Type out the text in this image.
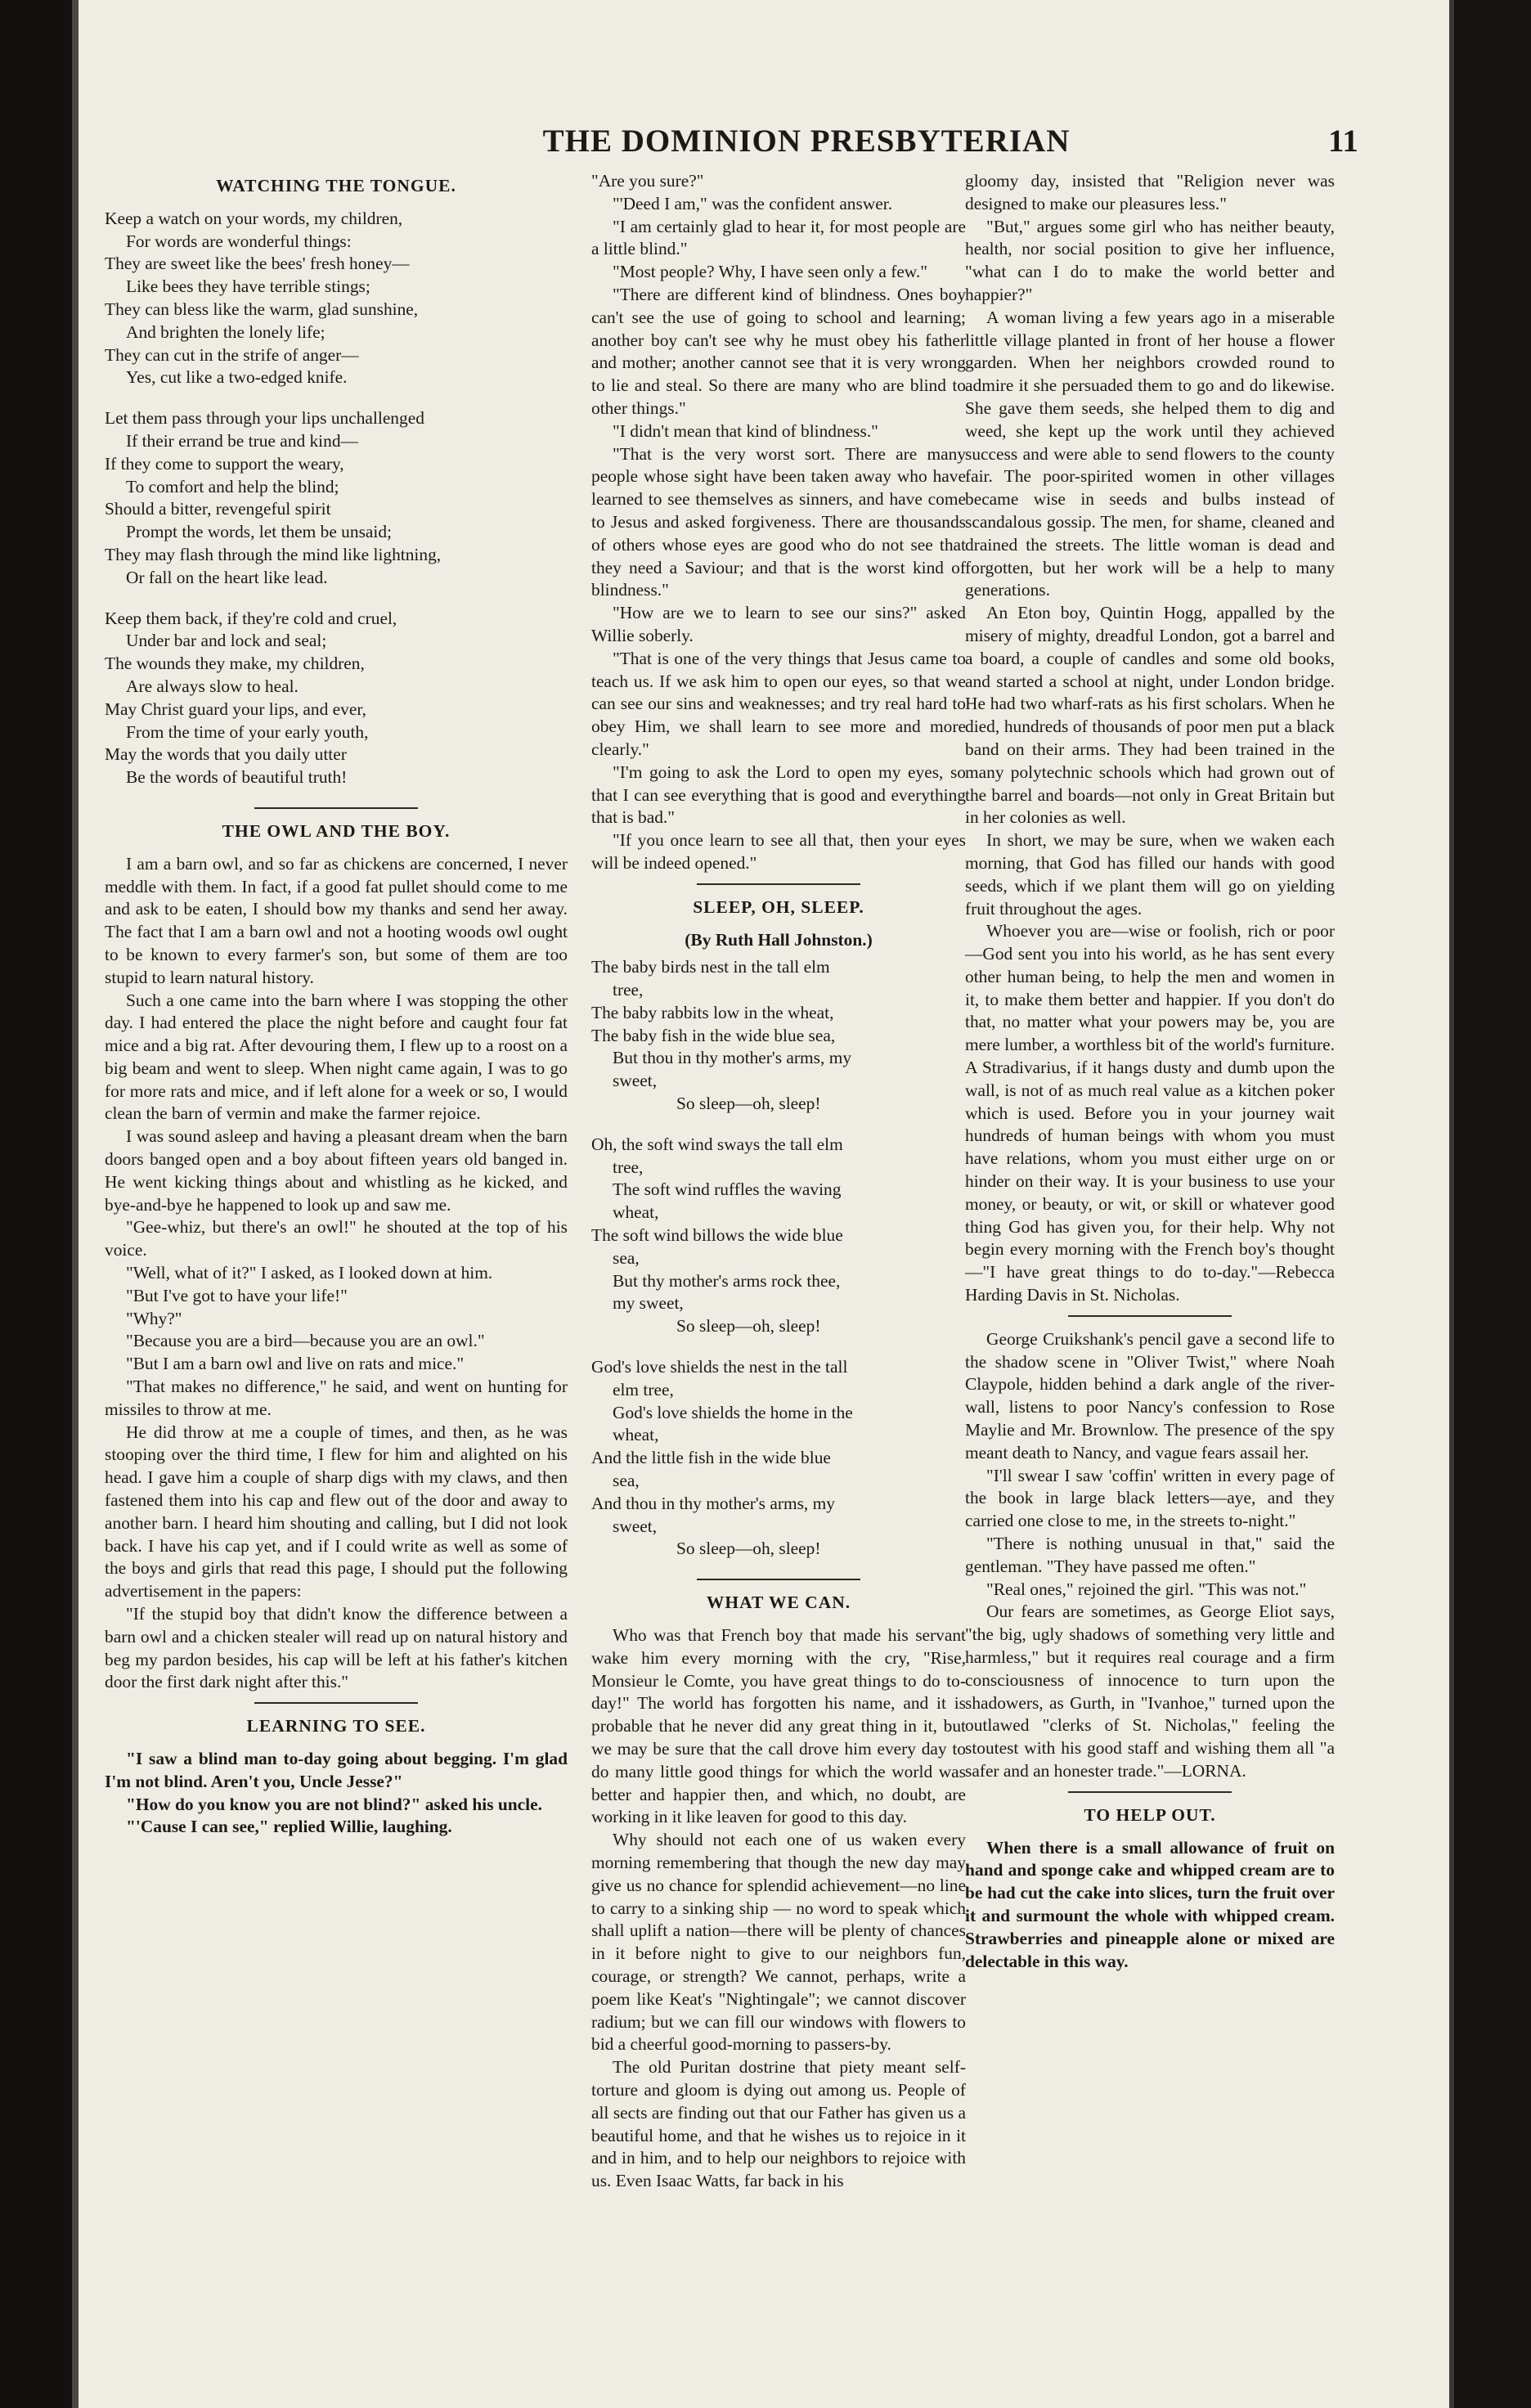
THE DOMINION PRESBYTERIAN	11
WATCHING THE TONGUE.

Keep a watch on your words, my children,

For words are wonderful things:

They are sweet like the bees' fresh honey—

Like bees they have terrible stings;

They can bless like the warm, glad sunshine,

And brighten the lonely life;

They can cut in the strife of anger—

Yes, cut like a two-edged knife.

Let them pass through your lips unchallenged

If their errand be true and kind—

If they come to support the weary,

To comfort and help the blind;

Should a bitter, revengeful spirit

Prompt the words, let them be unsaid;

They may flash through the mind like lightning,

Or fall on the heart like lead.

Keep them back, if they're cold and cruel,

Under bar and lock and seal;

The wounds they make, my children,

Are always slow to heal.

May Christ guard your lips, and ever,

From the time of your early youth,

May the words that you daily utter

Be the words of beautiful truth!

THE OWL AND THE BOY.

I am a barn owl, and so far as chickens are concerned, I never meddle with them. In fact, if a good fat pullet should come to me and ask to be eaten, I should bow my thanks and send her away. The fact that I am a barn owl and not a hooting woods owl ought to be known to every farmer's son, but some of them are too stupid to learn natural history.

Such a one came into the barn where I was stopping the other day. I had entered the place the night before and caught four fat mice and a big rat. After devouring them, I flew up to a roost on a big beam and went to sleep. When night came again, I was to go for more rats and mice, and if left alone for a week or so, I would clean the barn of vermin and make the farmer rejoice.

I was sound asleep and having a pleasant dream when the barn doors banged open and a boy about fifteen years old banged in. He went kicking things about and whistling as he kicked, and bye-and-bye he happened to look up and saw me.

"Gee-whiz, but there's an owl!" he shouted at the top of his voice.

"Well, what of it?" I asked, as I looked down at him.

"But I've got to have your life!"

"Why?"

"Because you are a bird—because you are an owl."

"But I am a barn owl and live on rats and mice."

"That makes no difference," he said, and went on hunting for missiles to throw at me.

He did throw at me a couple of times, and then, as he was stooping over the third time, I flew for him and alighted on his head. I gave him a couple of sharp digs with my claws, and then fastened them into his cap and flew out of the door and away to another barn. I heard him shouting and calling, but I did not look back. I have his cap yet, and if I could write as well as some of the boys and girls that read this page, I should put the following advertisement in the papers:

"If the stupid boy that didn't know the difference between a barn owl and a chicken stealer will read up on natural history and beg my pardon besides, his cap will be left at his father's kitchen door the first dark night after this."

LEARNING TO SEE.

"I saw a blind man to-day going about begging. I'm glad I'm not blind. Aren't you, Uncle Jesse?"

"How do you know you are not blind?" asked his uncle.

"'Cause I can see," replied Willie, laughing.

"Are you sure?"

"'Deed I am," was the confident answer.

"I am certainly glad to hear it, for most people are a little blind."

"Most people? Why, I have seen only a few."

"There are different kind of blindness. Ones boy can't see the use of going to school and learning; another boy can't see why he must obey his father and mother; another cannot see that it is very wrong to lie and steal. So there are many who are blind to other things."

"I didn't mean that kind of blindness."

"That is the very worst sort. There are many people whose sight have been taken away who have learned to see themselves as sinners, and have come to Jesus and asked forgiveness. There are thousands of others whose eyes are good who do not see that they need a Saviour; and that is the worst kind of blindness."

"How are we to learn to see our sins?" asked Willie soberly.

"That is one of the very things that Jesus came to teach us. If we ask him to open our eyes, so that we can see our sins and weaknesses; and try real hard to obey Him, we shall learn to see more and more clearly."

"I'm going to ask the Lord to open my eyes, so that I can see everything that is good and everything that is bad."

"If you once learn to see all that, then your eyes will be indeed opened."

SLEEP, OH, SLEEP.

(By Ruth Hall Johnston.)

The baby birds nest in the tall elm

tree,

The baby rabbits low in the wheat,

The baby fish in the wide blue sea,

But thou in thy mother's arms, my

sweet,

So sleep—oh, sleep!

Oh, the soft wind sways the tall elm

tree,

The soft wind ruffles the waving

wheat,

The soft wind billows the wide blue

sea,

But thy mother's arms rock thee,

my sweet,

So sleep—oh, sleep!

God's love shields the nest in the tall

elm tree,

God's love shields the home in the

wheat,

And the little fish in the wide blue

sea,

And thou in thy mother's arms, my

sweet,

So sleep—oh, sleep!

WHAT WE CAN.

Who was that French boy that made his servant wake him every morning with the cry, "Rise, Monsieur le Comte, you have great things to do to-day!" The world has forgotten his name, and it is probable that he never did any great thing in it, but we may be sure that the call drove him every day to do many little good things for which the world was better and happier then, and which, no doubt, are working in it like leaven for good to this day.

Why should not each one of us waken every morning remembering that though the new day may give us no chance for splendid achievement—no line to carry to a sinking ship — no word to speak which shall uplift a nation—there will be plenty of chances in it before night to give to our neighbors fun, courage, or strength? We cannot, perhaps, write a poem like Keat's "Nightingale"; we cannot discover radium; but we can fill our windows with flowers to bid a cheerful good-morning to passers-by.

The old Puritan dostrine that piety meant self-torture and gloom is dying out among us. People of all sects are finding out that our Father has given us a beautiful home, and that he wishes us to rejoice in it and in him, and to help our neighbors to rejoice with us. Even Isaac Watts, far back in his

gloomy day, insisted that "Religion never was designed to make our pleasures less."

"But," argues some girl who has neither beauty, health, nor social position to give her influence, "what can I do to make the world better and happier?"

A woman living a few years ago in a miserable little village planted in front of her house a flower garden. When her neighbors crowded round to admire it she persuaded them to go and do likewise. She gave them seeds, she helped them to dig and weed, she kept up the work until they achieved success and were able to send flowers to the county fair. The poor-spirited women in other villages became wise in seeds and bulbs instead of scandalous gossip. The men, for shame, cleaned and drained the streets. The little woman is dead and forgotten, but her work will be a help to many generations.

An Eton boy, Quintin Hogg, appalled by the misery of mighty, dreadful London, got a barrel and a board, a couple of candles and some old books, and started a school at night, under London bridge. He had two wharf-rats as his first scholars. When he died, hundreds of thousands of poor men put a black band on their arms. They had been trained in the many polytechnic schools which had grown out of the barrel and boards—not only in Great Britain but in her colonies as well.

In short, we may be sure, when we waken each morning, that God has filled our hands with good seeds, which if we plant them will go on yielding fruit throughout the ages.

Whoever you are—wise or foolish, rich or poor—God sent you into his world, as he has sent every other human being, to help the men and women in it, to make them better and happier. If you don't do that, no matter what your powers may be, you are mere lumber, a worthless bit of the world's furniture. A Stradivarius, if it hangs dusty and dumb upon the wall, is not of as much real value as a kitchen poker which is used. Before you in your journey wait hundreds of human beings with whom you must have relations, whom you must either urge on or hinder on their way. It is your business to use your money, or beauty, or wit, or skill or whatever good thing God has given you, for their help. Why not begin every morning with the French boy's thought—"I have great things to do to-day."—Rebecca Harding Davis in St. Nicholas.

George Cruikshank's pencil gave a second life to the shadow scene in "Oliver Twist," where Noah Claypole, hidden behind a dark angle of the river-wall, listens to poor Nancy's confession to Rose Maylie and Mr. Brownlow. The presence of the spy meant death to Nancy, and vague fears assail her.

"I'll swear I saw 'coffin' written in every page of the book in large black letters—aye, and they carried one close to me, in the streets to-night."

"There is nothing unusual in that," said the gentleman. "They have passed me often."

"Real ones," rejoined the girl. "This was not."

Our fears are sometimes, as George Eliot says, "the big, ugly shadows of something very little and harmless," but it requires real courage and a firm consciousness of innocence to turn upon the shadowers, as Gurth, in "Ivanhoe," turned upon the outlawed "clerks of St. Nicholas," feeling the stoutest with his good staff and wishing them all "a safer and an honester trade."—LORNA.

TO HELP OUT.

When there is a small allowance of fruit on hand and sponge cake and whipped cream are to be had cut the cake into slices, turn the fruit over it and surmount the whole with whipped cream. Strawberries and pineapple alone or mixed are delectable in this way.
